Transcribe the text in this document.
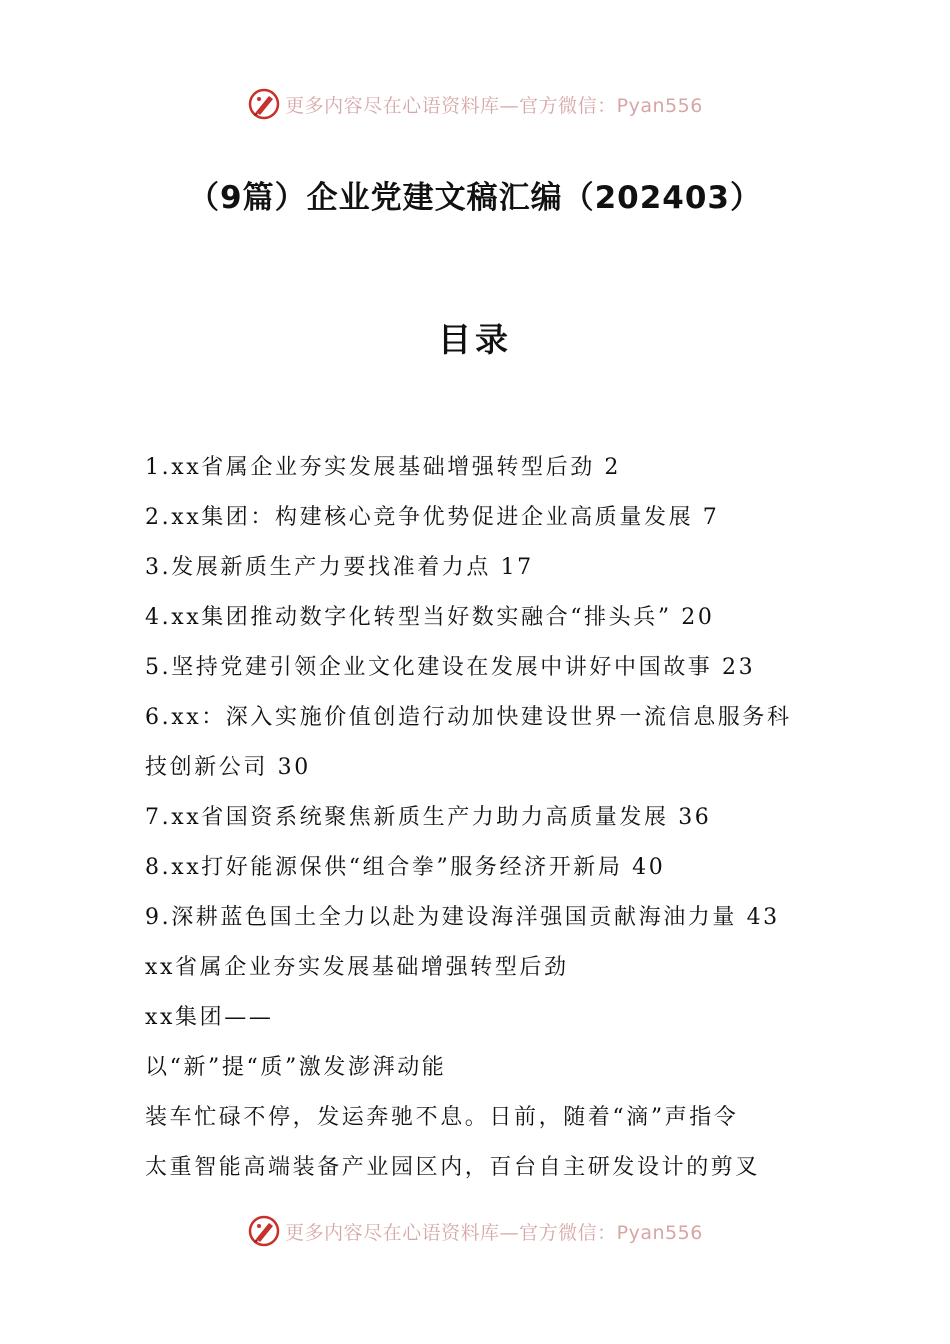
更多内容尽在心语资料库—官方微信：Pyan556
（9篇）企业党建文稿汇编（202403）
目录
1.xx省属企业夯实发展基础增强转型后劲 2
2.xx集团：构建核心竞争优势促进企业高质量发展 7
3.发展新质生产力要找准着力点 17
4.xx集团推动数字化转型当好数实融合“排头兵” 20
5.坚持党建引领企业文化建设在发展中讲好中国故事 23
6.xx：深入实施价值创造行动加快建设世界一流信息服务科
技创新公司 30
7.xx省国资系统聚焦新质生产力助力高质量发展 36
8.xx打好能源保供“组合拳”服务经济开新局 40
9.深耕蓝色国土全力以赴为建设海洋强国贡献海油力量 43
xx省属企业夯实发展基础增强转型后劲
xx集团——
以“新”提“质”激发澎湃动能
装车忙碌不停，发运奔驰不息。日前，随着“滴”声指令
太重智能高端装备产业园区内，百台自主研发设计的剪叉
更多内容尽在心语资料库—官方微信：Pyan556
